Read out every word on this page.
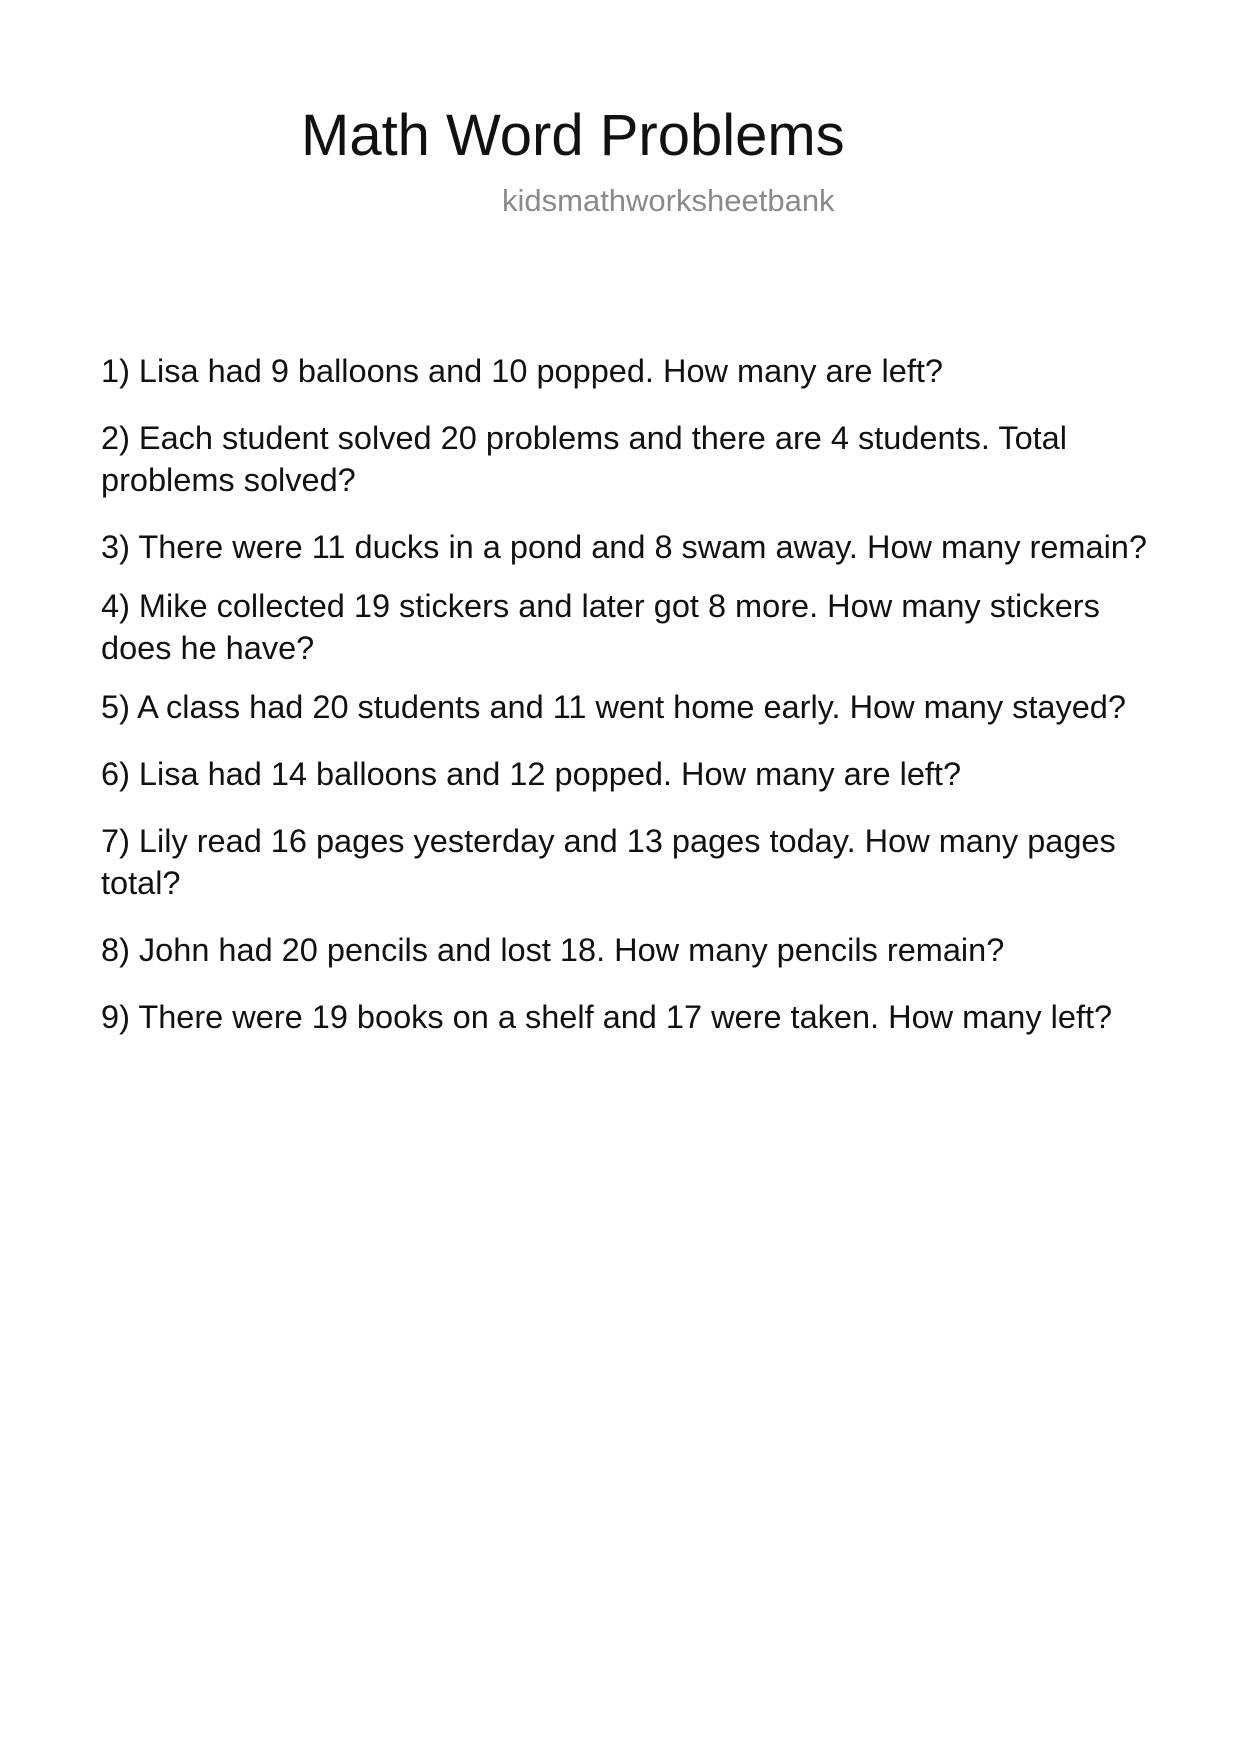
Math Word Problems
kidsmathworksheetbank
1) Lisa had 9 balloons and 10 popped. How many are left?
2) Each student solved 20 problems and there are 4 students. Total problems solved?
3) There were 11 ducks in a pond and 8 swam away. How many remain?
4) Mike collected 19 stickers and later got 8 more. How many stickers does he have?
5) A class had 20 students and 11 went home early. How many stayed?
6) Lisa had 14 balloons and 12 popped. How many are left?
7) Lily read 16 pages yesterday and 13 pages today. How many pages total?
8) John had 20 pencils and lost 18. How many pencils remain?
9) There were 19 books on a shelf and 17 were taken. How many left?
